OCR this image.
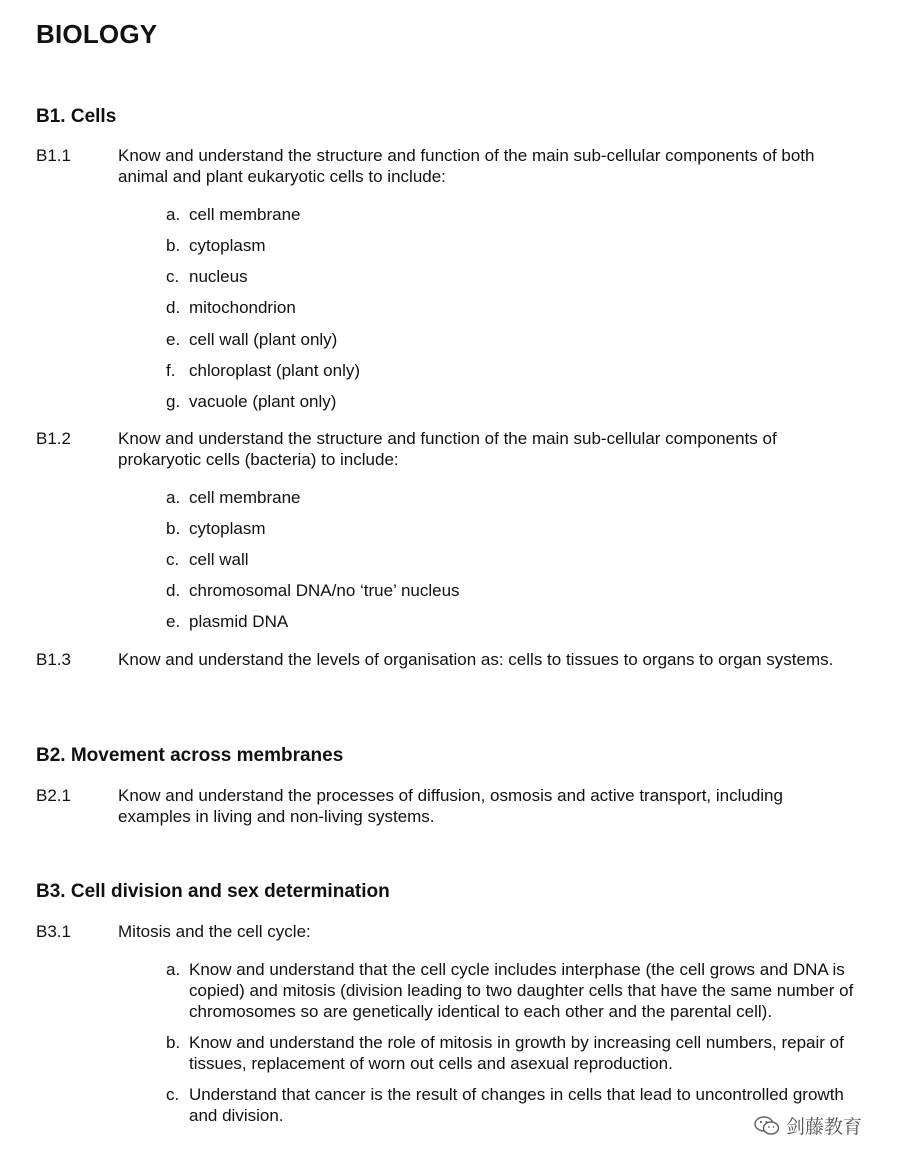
BIOLOGY
B1. Cells
B1.1	Know and understand the structure and function of the main sub-cellular components of both animal and plant eukaryotic cells to include:
a. cell membrane
b. cytoplasm
c. nucleus
d. mitochondrion
e. cell wall (plant only)
f. chloroplast (plant only)
g. vacuole (plant only)
B1.2	Know and understand the structure and function of the main sub-cellular components of prokaryotic cells (bacteria) to include:
a. cell membrane
b. cytoplasm
c. cell wall
d. chromosomal DNA/no ‘true’ nucleus
e. plasmid DNA
B1.3	Know and understand the levels of organisation as: cells to tissues to organs to organ systems.
B2. Movement across membranes
B2.1	Know and understand the processes of diffusion, osmosis and active transport, including examples in living and non-living systems.
B3. Cell division and sex determination
B3.1	Mitosis and the cell cycle:
a. Know and understand that the cell cycle includes interphase (the cell grows and DNA is copied) and mitosis (division leading to two daughter cells that have the same number of chromosomes so are genetically identical to each other and the parental cell).
b. Know and understand the role of mitosis in growth by increasing cell numbers, repair of tissues, replacement of worn out cells and asexual reproduction.
c. Understand that cancer is the result of changes in cells that lead to uncontrolled growth and division.
剑藤教育
